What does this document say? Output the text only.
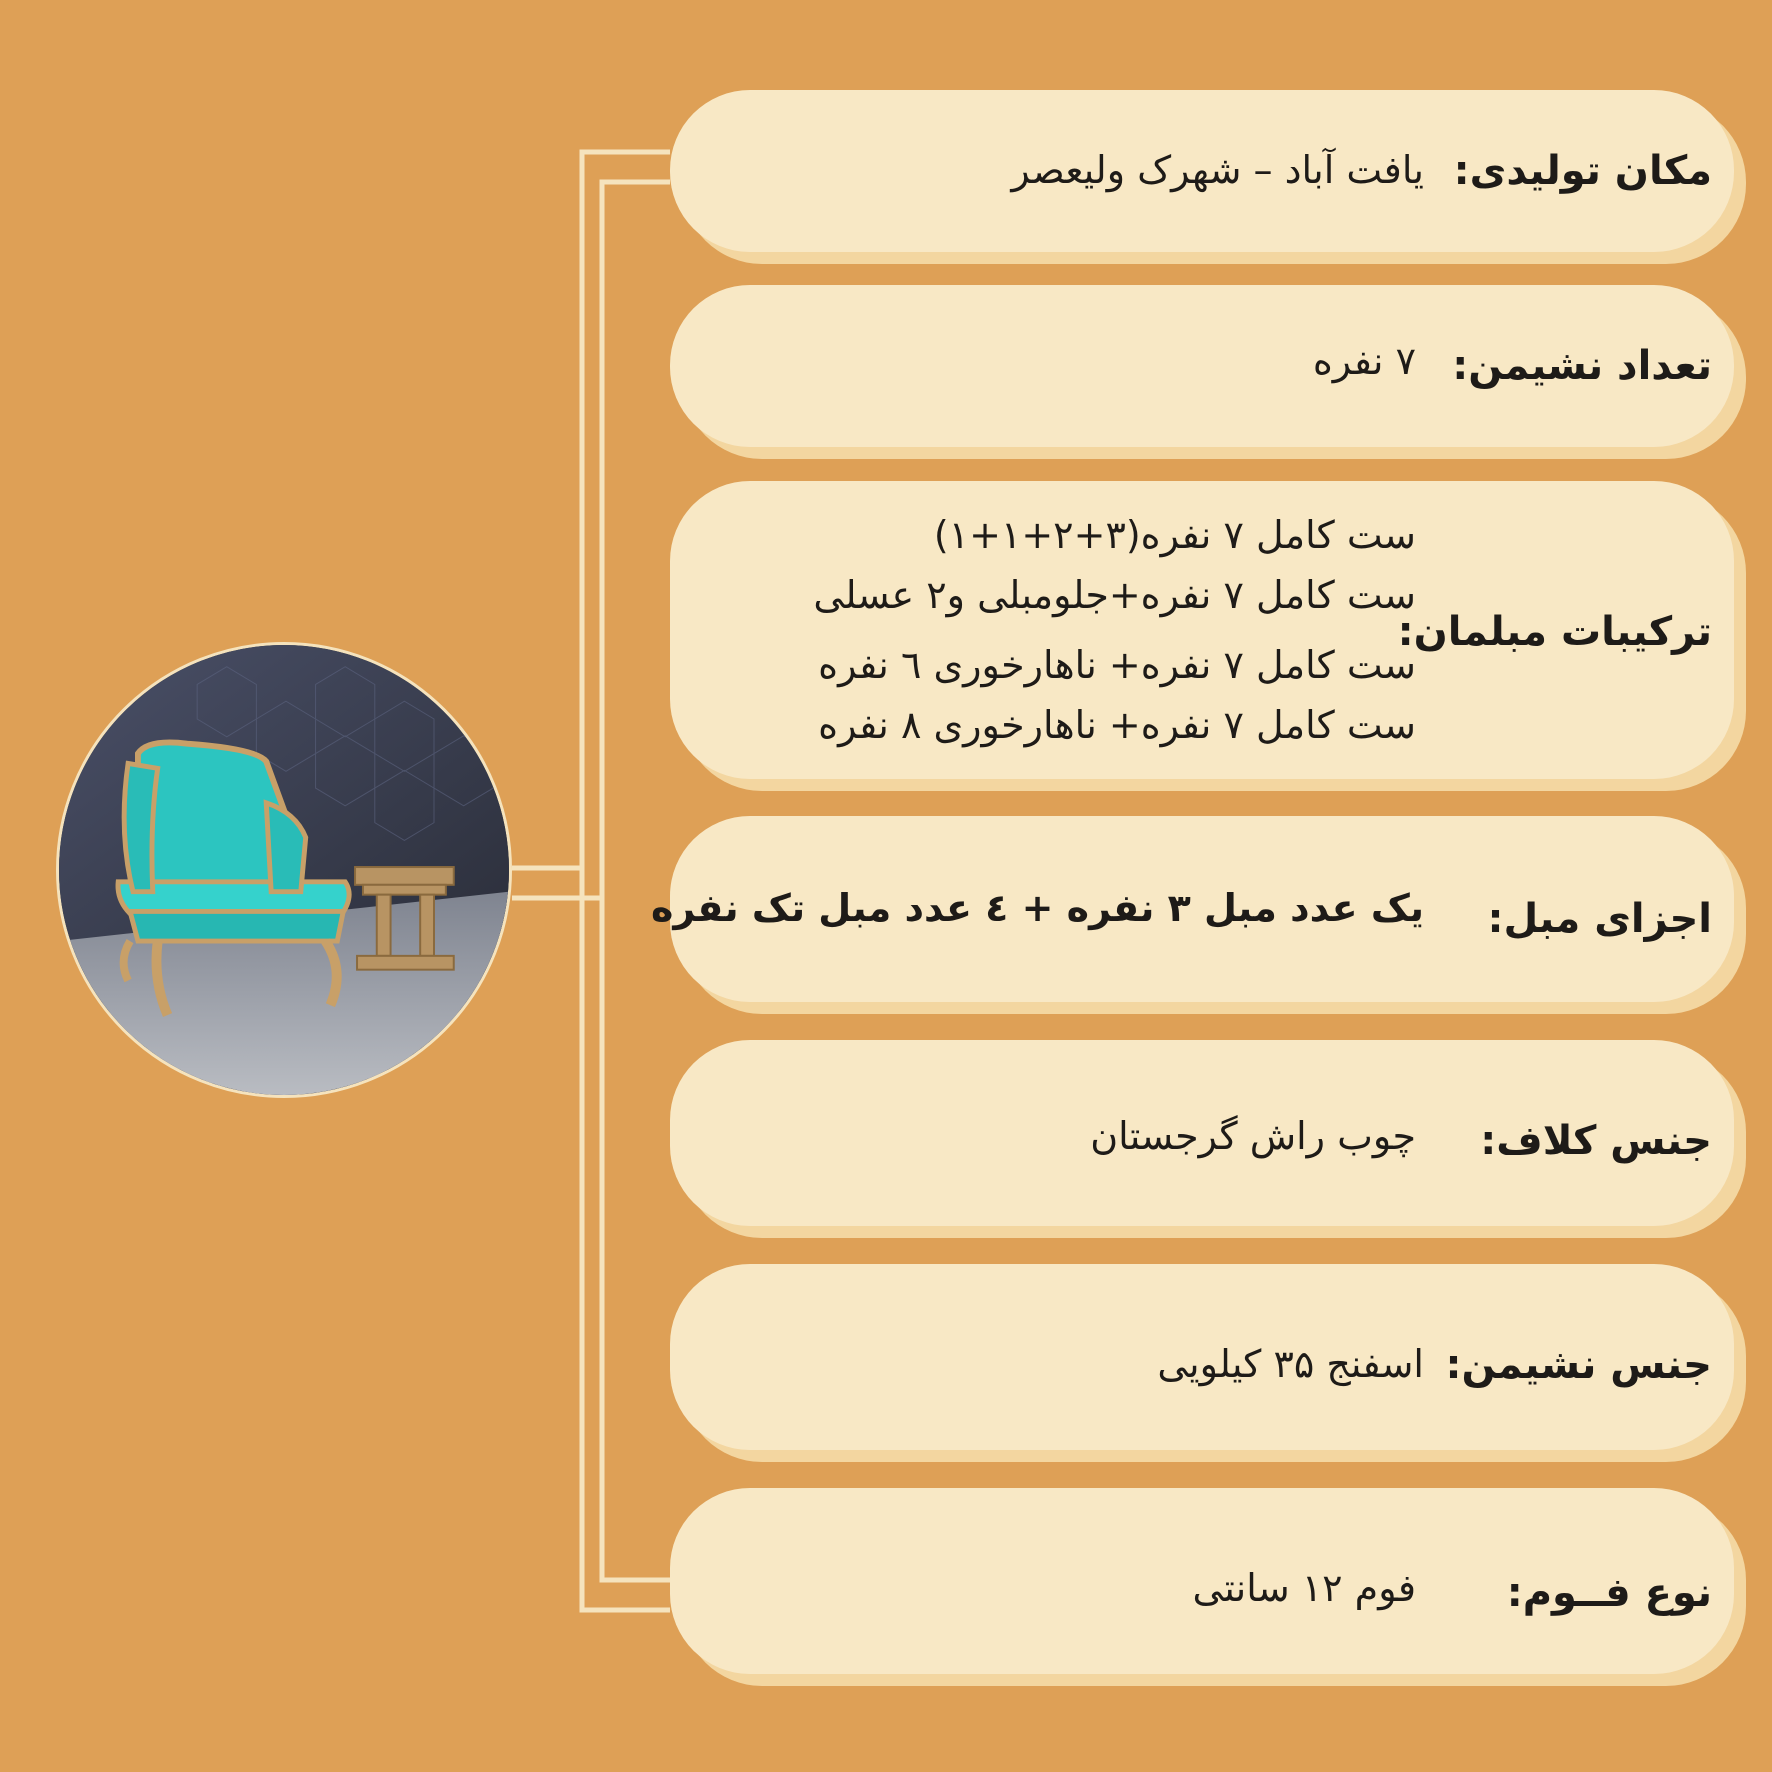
مکان تولیدی:
یافت آباد – شهرک ولیعصر
تعداد نشیمن:
۷ نفره
ترکیبات مبلمان:
ست کامل ۷ نفره(۳+۲+۱+۱)
ست کامل ۷ نفره+جلومبلی و۲ عسلی
ست کامل ۷ نفره+ ناهارخوری ٦ نفره
ست کامل ۷ نفره+ ناهارخوری ۸ نفره
اجزای مبل:
یک عدد مبل ۳ نفره + ٤ عدد مبل تک نفره
جنس کلاف:
چوب راش گرجستان
جنس نشیمن:
اسفنج ۳۵ کیلویی
نوع فــوم:
فوم ۱۲ سانتی
